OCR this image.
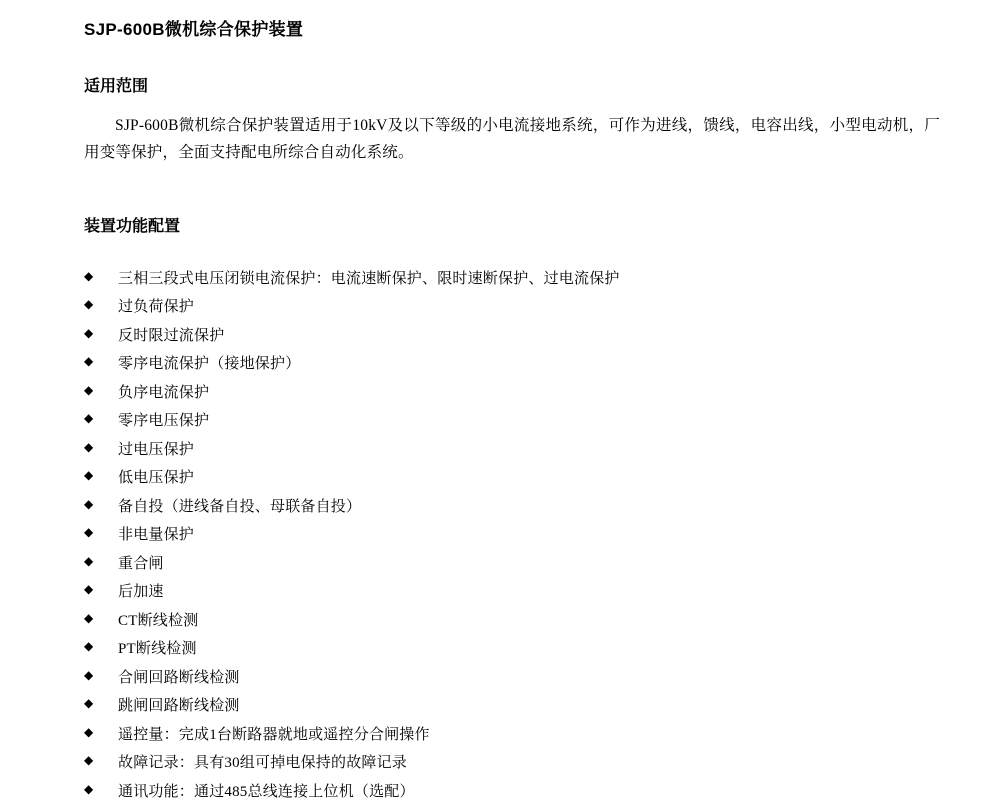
SJP-600B微机综合保护装置
适用范围

SJP-600B微机综合保护装置适用于10kV及以下等级的小电流接地系统，可作为进线，馈线，电容出线，小型电动机，厂用变等保护，全面支持配电所综合自动化系统。

装置功能配置
◆	三相三段式电压闭锁电流保护：电流速断保护、限时速断保护、过电流保护
◆	过负荷保护
◆	反时限过流保护
◆	零序电流保护（接地保护）
◆	负序电流保护
◆	零序电压保护
◆	过电压保护
◆	低电压保护
◆	备自投（进线备自投、母联备自投）
◆	非电量保护
◆	重合闸
◆	后加速
◆	CT断线检测
◆	PT断线检测
◆	合闸回路断线检测
◆	跳闸回路断线检测
◆	遥控量：完成1台断路器就地或遥控分合闸操作
◆	故障记录：具有30组可掉电保持的故障记录
◆	通讯功能：通过485总线连接上位机（选配）
